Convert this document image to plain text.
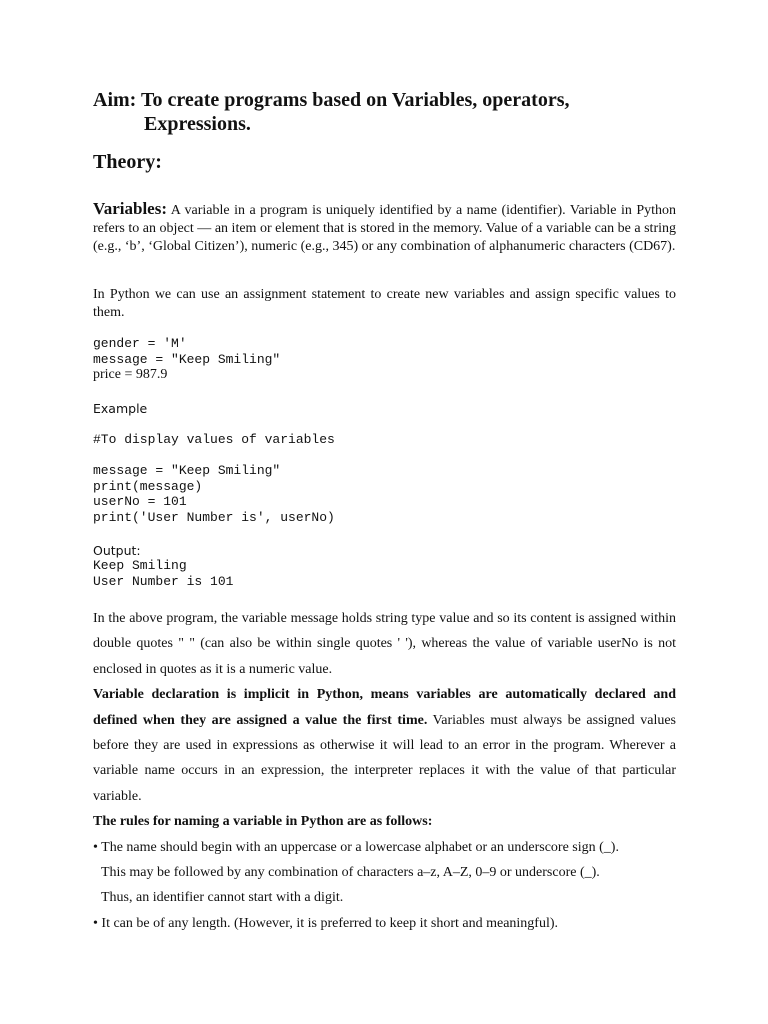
Aim: To create programs based on Variables, operators,
Expressions.
Theory:
Variables: A variable in a program is uniquely identified by a name (identifier). Variable in Python refers to an object — an item or element that is stored in the memory. Value of a variable can be a string (e.g., ‘b’, ‘Global Citizen’), numeric (e.g., 345) or any combination of alphanumeric characters (CD67).
In Python we can use an assignment statement to create new variables and assign specific values to them.
gender = 'M'
message = "Keep Smiling"
price = 987.9
Example
#To display values of variables
message = "Keep Smiling"
print(message)
userNo = 101
print('User Number is', userNo)
Output:
Keep Smiling
User Number is 101
In the above program, the variable message holds string type value and so its content is assigned within double quotes " " (can also be within single quotes ' '), whereas the value of variable userNo is not enclosed in quotes as it is a numeric value.
Variable declaration is implicit in Python, means variables are automatically declared and defined when they are assigned a value the first time. Variables must always be assigned values before they are used in expressions as otherwise it will lead to an error in the program. Wherever a variable name occurs in an expression, the interpreter replaces it with the value of that particular variable.
The rules for naming a variable in Python are as follows:
• The name should begin with an uppercase or a lowercase alphabet or an underscore sign (_).
This may be followed by any combination of characters a–z, A–Z, 0–9 or underscore (_).
Thus, an identifier cannot start with a digit.
• It can be of any length. (However, it is preferred to keep it short and meaningful).
